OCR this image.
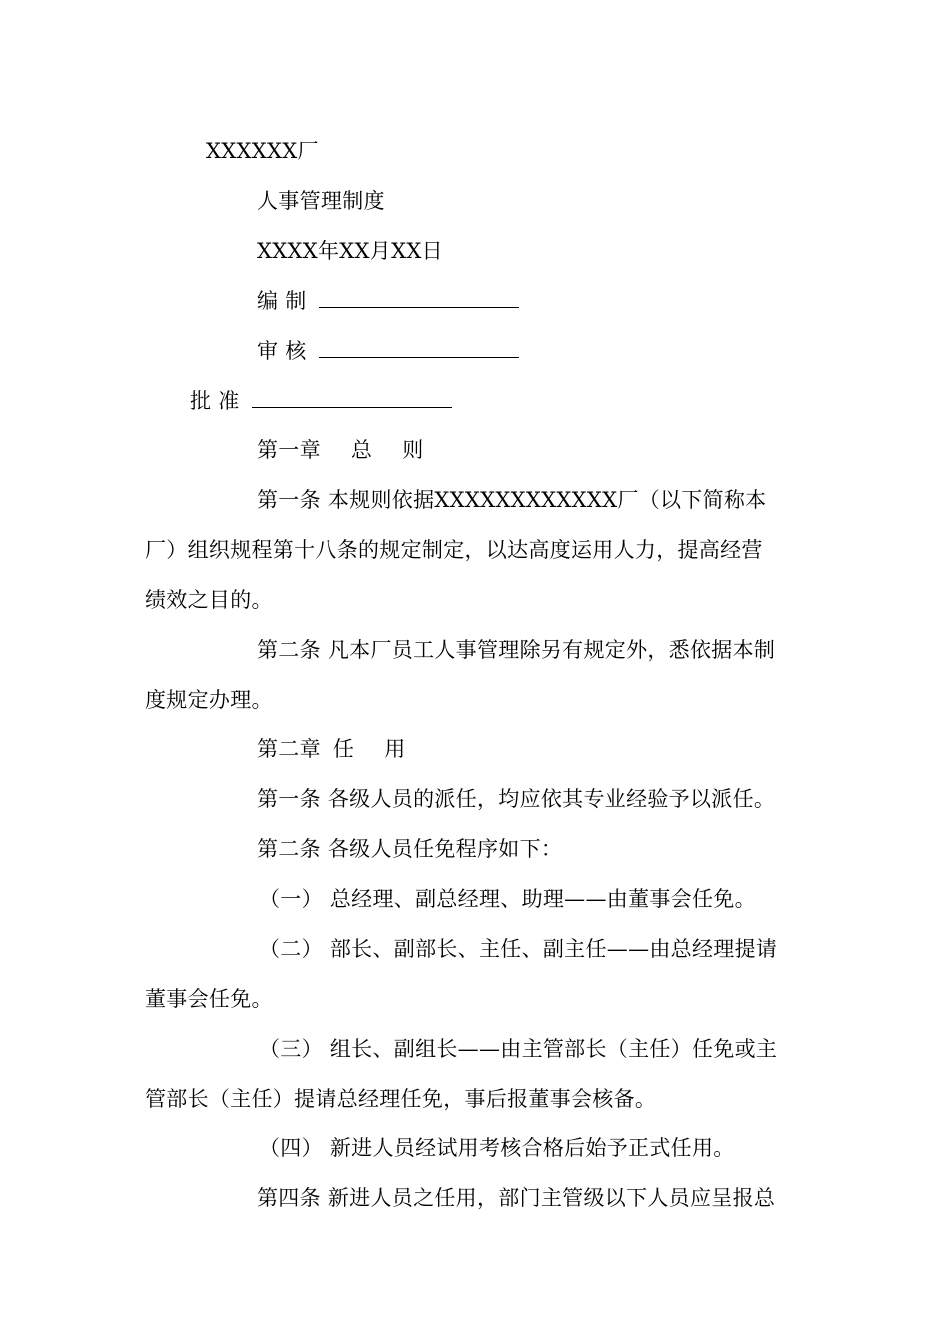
XXXXXX厂
人事管理制度
XXXX年XX月XX日
编 制
审 核
批 准
第一章 总 则
第一条 本规则依据XXXXXXXXXXXX厂（以下简称本
厂）组织规程第十八条的规定制定，以达高度运用人力，提高经营
绩效之目的。
第二条 凡本厂员工人事管理除另有规定外，悉依据本制
度规定办理。
第二章 任 用
第一条 各级人员的派任，均应依其专业经验予以派任。
第二条 各级人员任免程序如下：
（一） 总经理、副总经理、助理——由董事会任免。
（二） 部长、副部长、主任、副主任——由总经理提请
董事会任免。
（三） 组长、副组长——由主管部长（主任）任免或主
管部长（主任）提请总经理任免，事后报董事会核备。
（四） 新进人员经试用考核合格后始予正式任用。
第四条 新进人员之任用，部门主管级以下人员应呈报总
